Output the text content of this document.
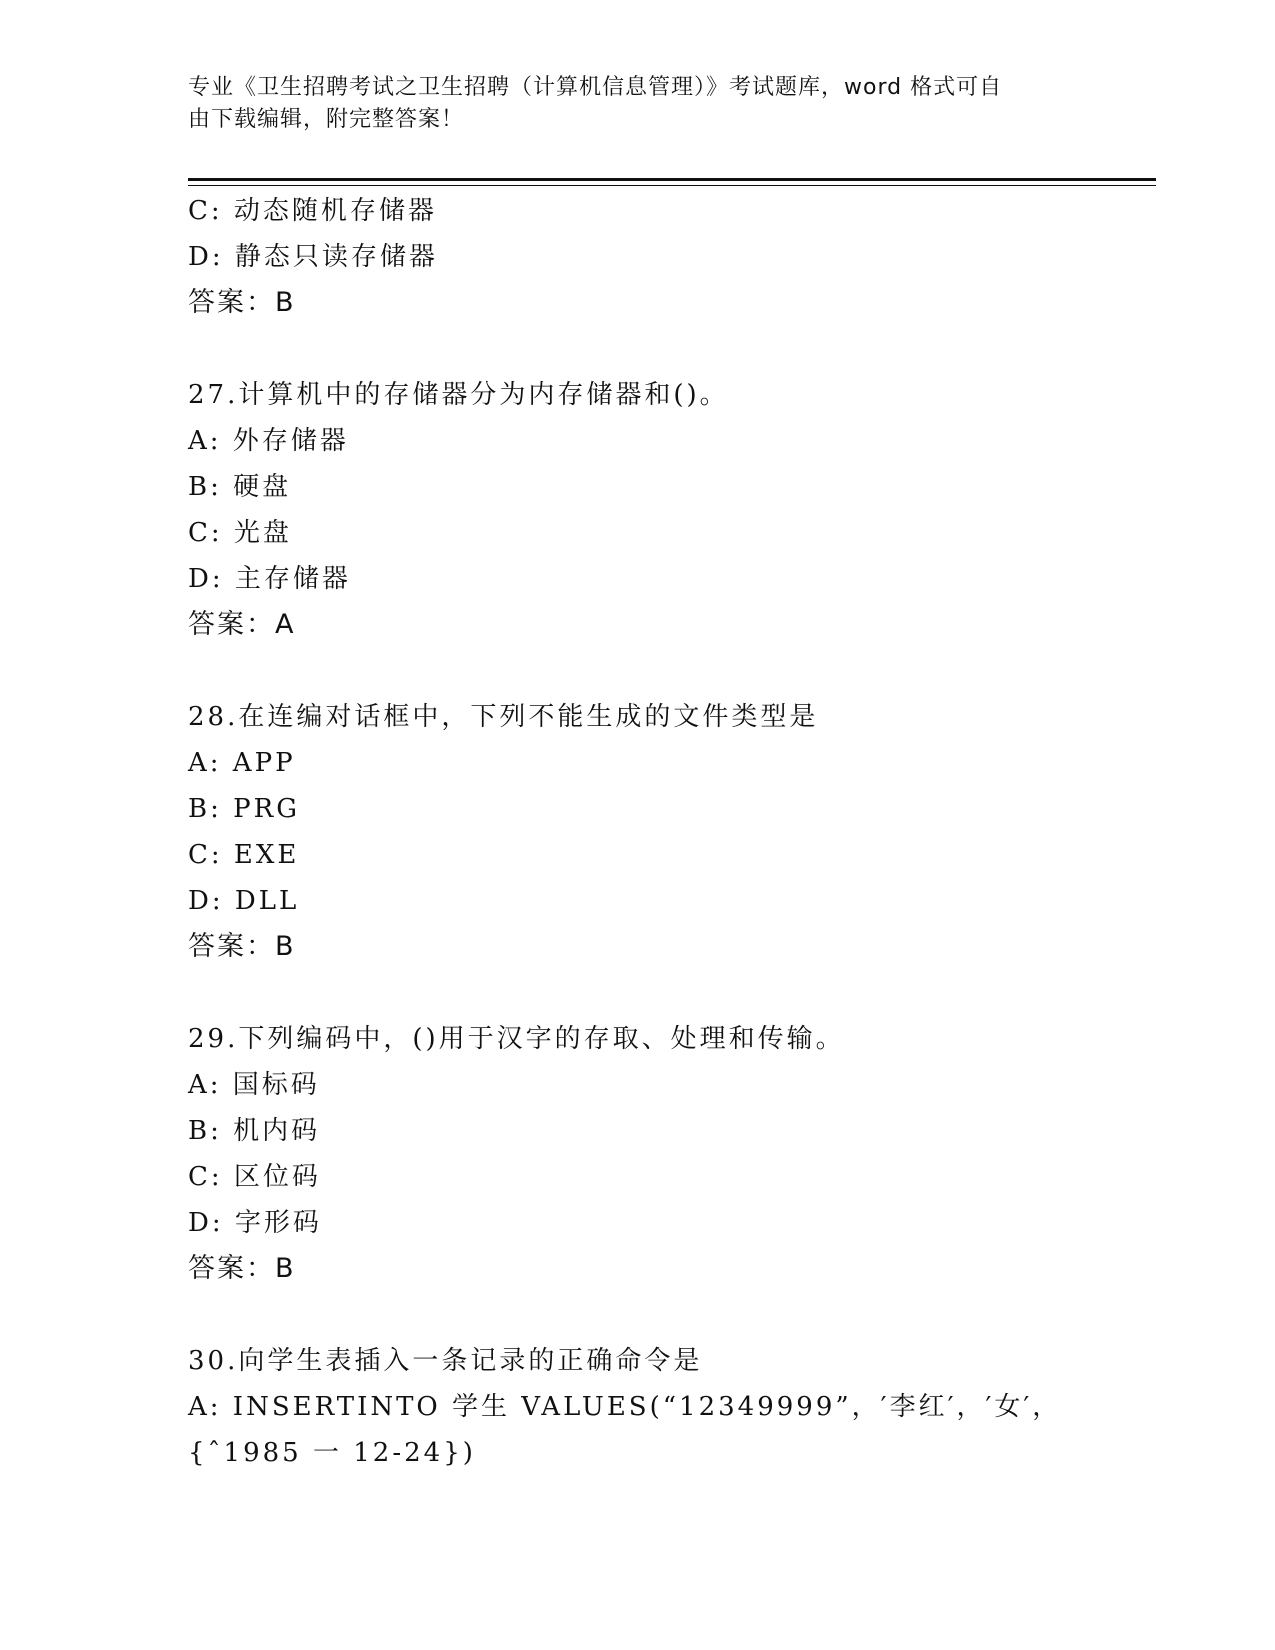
专业《卫生招聘考试之卫生招聘（计算机信息管理）》考试题库，word 格式可自
由下载编辑，附完整答案！
C: 动态随机存储器
D: 静态只读存储器
答案：B
27.计算机中的存储器分为内存储器和()。
A: 外存储器
B: 硬盘
C: 光盘
D: 主存储器
答案：A
28.在连编对话框中，下列不能生成的文件类型是
A: APP
B: PRG
C: EXE
D: DLL
答案：B
29.下列编码中，()用于汉字的存取、处理和传输。
A: 国标码
B: 机内码
C: 区位码
D: 字形码
答案：B
30.向学生表插入一条记录的正确命令是
A: INSERTINTO 学生 VALUES(“12349999”，′李红′，′女′，
{ˆ1985 一 12-24})
